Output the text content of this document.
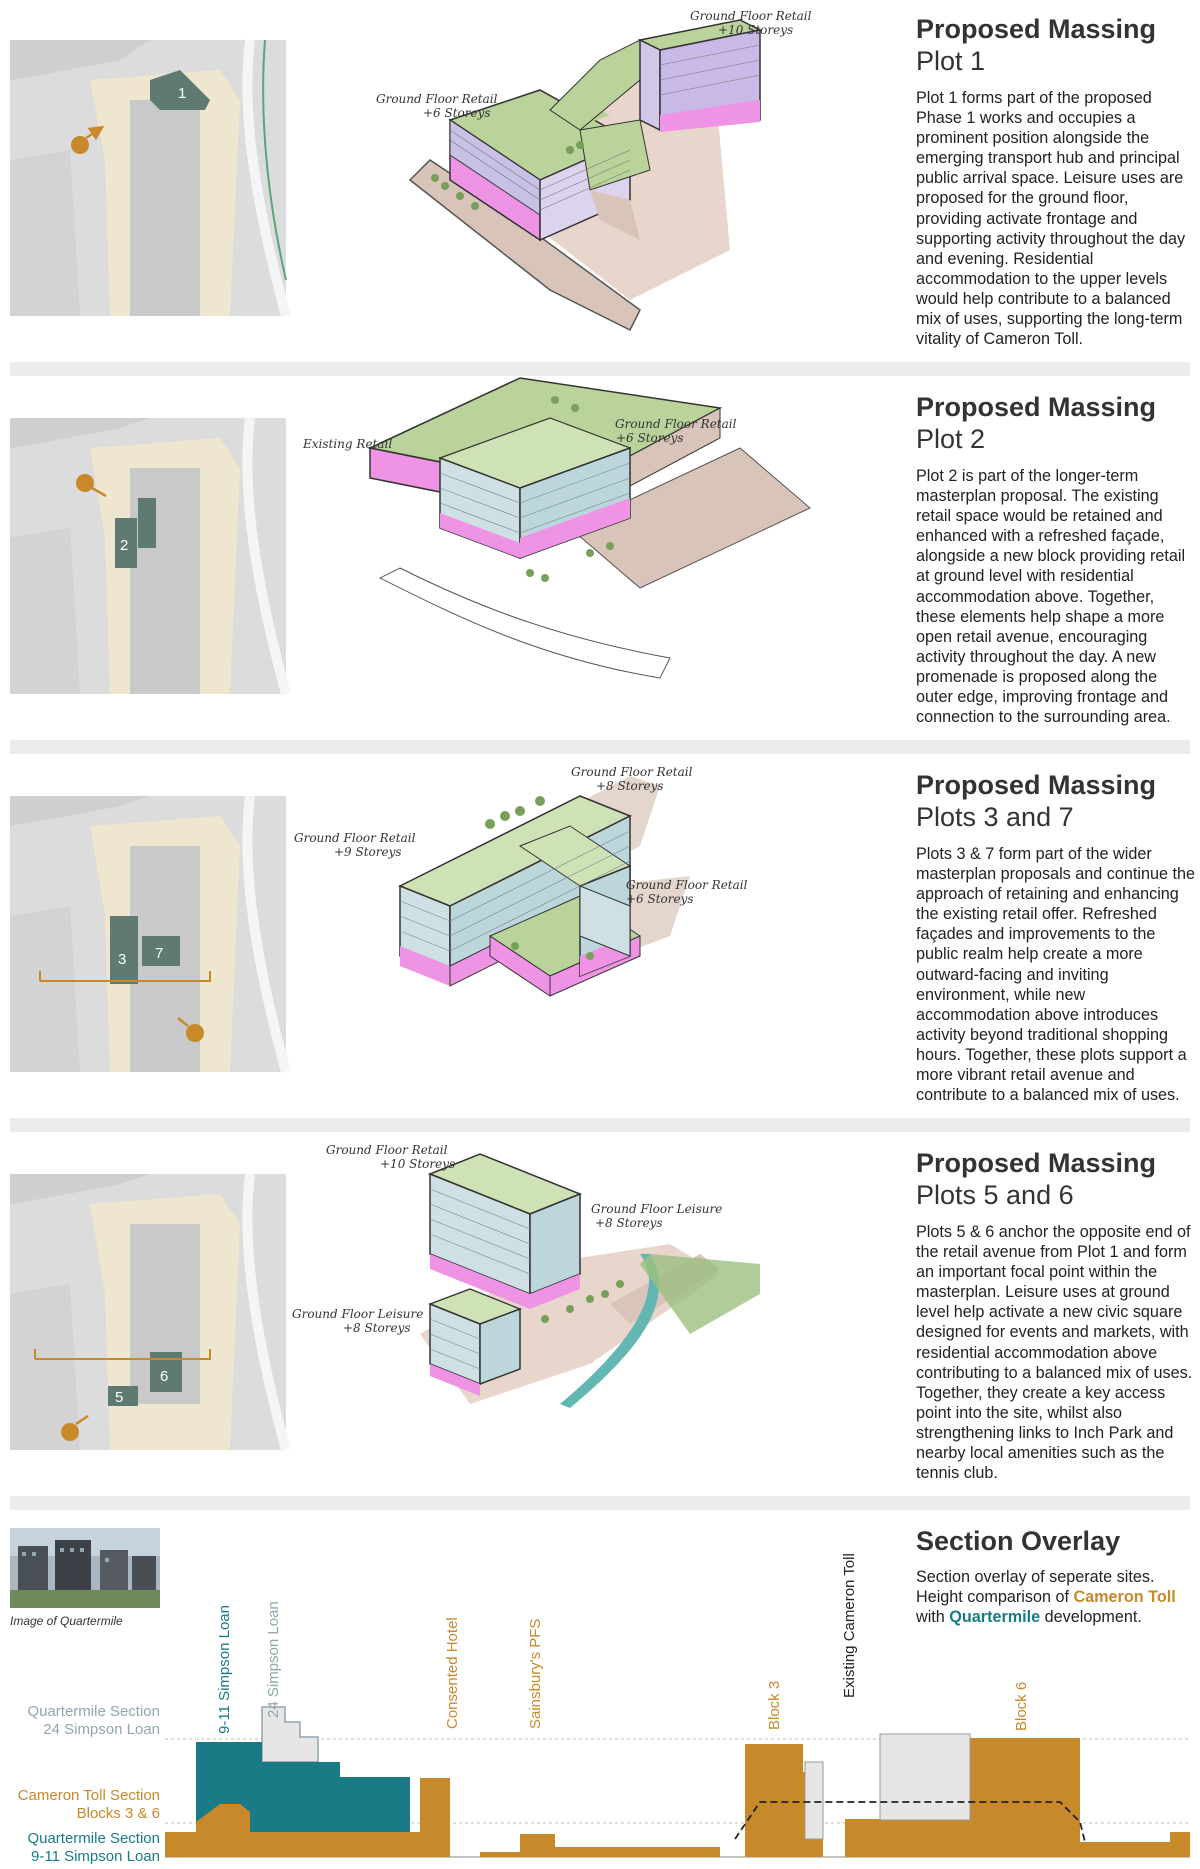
1
Ground Floor Retail
+10 Storeys
Ground Floor Retail
+6 Storeys

Proposed Massing

Plot 1

Plot 1 forms part of the proposed Phase 1 works and occupies a prominent position alongside the emerging transport hub and principal public arrival space. Leisure uses are proposed for the ground floor, providing activate frontage and supporting activity throughout the day and evening. Residential accommodation to the upper levels would help contribute to a balanced mix of uses, supporting the long-term vitality of Cameron Toll.

2
Existing Retail
Ground Floor Retail
+6 Storeys

Proposed Massing

Plot 2

Plot 2 is part of the longer-term masterplan proposal. The existing retail space would be retained and enhanced with a refreshed façade, alongside a new block providing retail at ground level with residential accommodation above. Together, these elements help shape a more open retail avenue, encouraging activity throughout the day. A new promenade is proposed along the outer edge, improving frontage and connection to the surrounding area.

3 7
Ground Floor Retail
+8 Storeys
Ground Floor Retail
+9 Storeys
Ground Floor Retail
+6 Storeys

Proposed Massing

Plots 3 and 7

Plots 3 & 7 form part of the wider masterplan proposals and continue the approach of retaining and enhancing the existing retail offer. Refreshed façades and improvements to the public realm help create a more outward-facing and inviting environment, while new accommodation above introduces activity beyond traditional shopping hours. Together, these plots support a more vibrant retail avenue and contribute to a balanced mix of uses.

5
6
Ground Floor Retail
+10 Storeys
Ground Floor Leisure
+8 Storeys
Ground Floor Leisure
+8 Storeys

Proposed Massing

Plots 5 and 6

Plots 5 & 6 anchor the opposite end of the retail avenue from Plot 1 and form an important focal point within the masterplan. Leisure uses at ground level help activate a new civic square designed for events and markets, with residential accommodation above contributing to a balanced mix of uses. Together, they create a key access point into the site, whilst also strengthening links to Inch Park and nearby local amenities such as the tennis club.

Image of Quartermile	9-11 Simpson Loan 24 Simpson Loan	Consented Hotel	Sainsbury's PFS	Block 3
Existing Cameron Toll
Block 6
Quartermile Section
24 Simpson Loan
Cameron Toll Section
Blocks 3 & 6
Quartermile Section
9-11 Simpson Loan

Section Overlay

Section overlay of seperate sites. Height comparison of Cameron Toll with Quartermile development.
